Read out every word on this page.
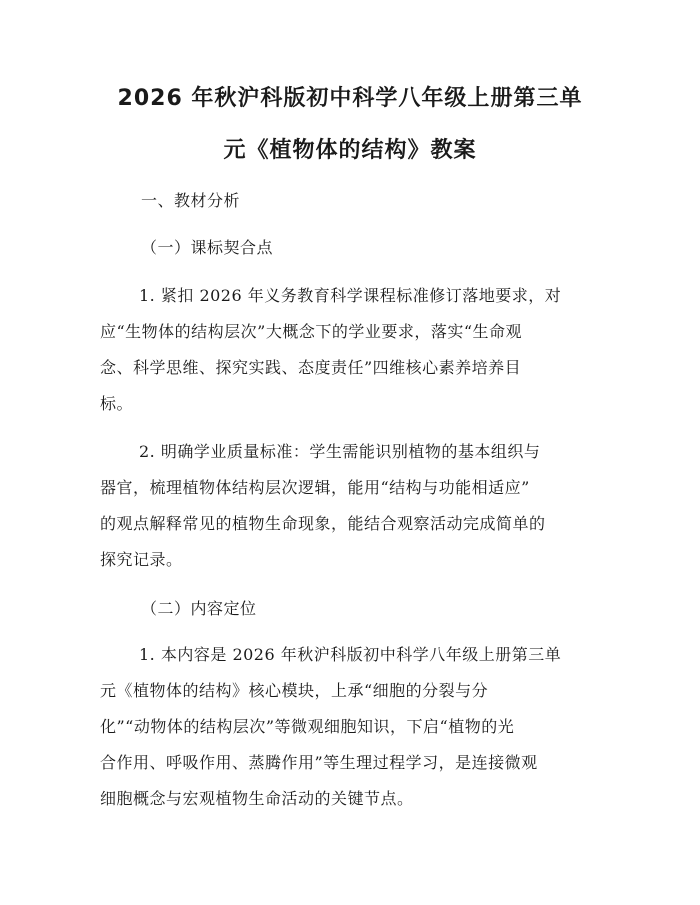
2026 年秋沪科版初中科学八年级上册第三单
元《植物体的结构》教案
一、教材分析
（一）课标契合点
1. 紧扣 2026 年义务教育科学课程标准修订落地要求，对
应“生物体的结构层次”大概念下的学业要求，落实“生命观
念、科学思维、探究实践、态度责任”四维核心素养培养目
标。
2. 明确学业质量标准：学生需能识别植物的基本组织与
器官，梳理植物体结构层次逻辑，能用“结构与功能相适应”
的观点解释常见的植物生命现象，能结合观察活动完成简单的
探究记录。
（二）内容定位
1. 本内容是 2026 年秋沪科版初中科学八年级上册第三单
元《植物体的结构》核心模块，上承“细胞的分裂与分
化”“动物体的结构层次”等微观细胞知识，下启“植物的光
合作用、呼吸作用、蒸腾作用”等生理过程学习，是连接微观
细胞概念与宏观植物生命活动的关键节点。
